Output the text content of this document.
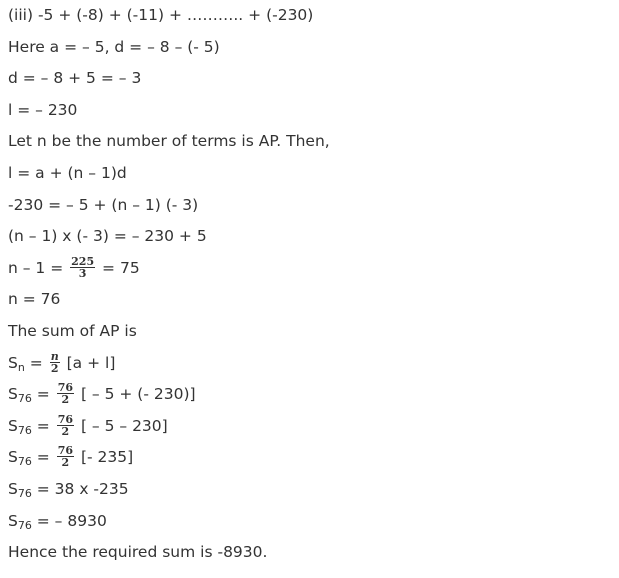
(iii) -5 + (-8) + (-11) + ……….. + (-230)
Here a = – 5, d = – 8 – (- 5)
d = – 8 + 5 = – 3
l = – 230
Let n be the number of terms is AP. Then,
l = a + (n – 1)d
-230 = – 5 + (n – 1) (- 3)
(n – 1) x (- 3) = – 230 + 5
$n - 1 = \frac{225}{3} = 75$
n = 76
The sum of AP is
$S_n = \frac{n}{2} [a + l]$
$S_{76} = \frac{76}{2}$ [ – 5 + (- 230)]
$S_{76} = \frac{76}{2}$ [ – 5 – 230]
$S_{76} = \frac{76}{2}$ [- 235]
$S_{76} = 38$ x -235
$S_{76}$ = – 8930
Hence the required sum is -8930.
